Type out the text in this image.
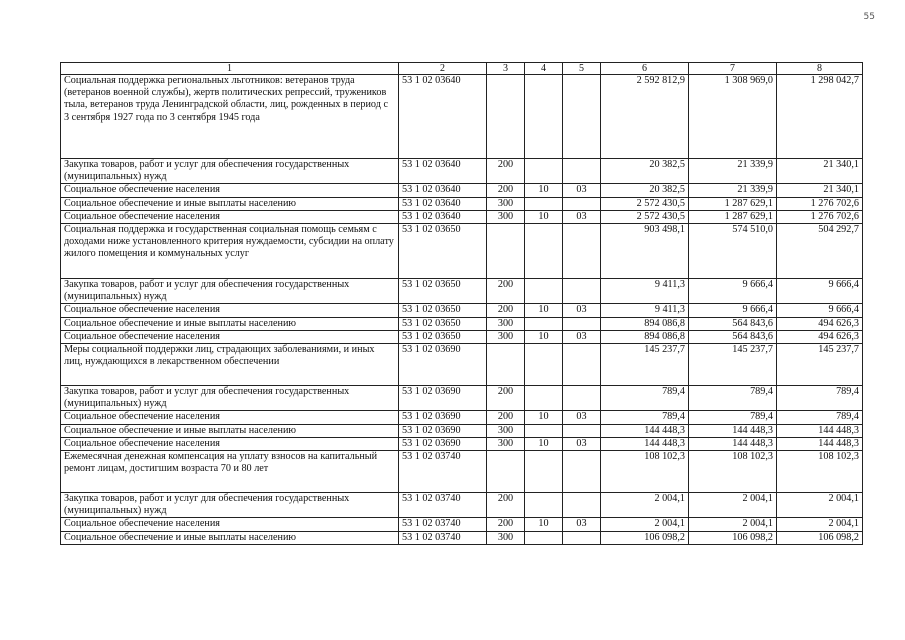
55
1	2	3	4	5	6	7	8
Социальная поддержка региональных льготников: ветеранов труда (ветеранов военной службы), жертв политических репрессий, тружеников тыла, ветеранов труда Ленинградской области, лиц, рожденных в период с 3 сентября 1927 года по 3 сентября 1945 года	53 1 02 03640				2 592 812,9	1 308 969,0	1 298 042,7
Закупка товаров, работ и услуг для обеспечения государственных (муниципальных) нужд	53 1 02 03640	200			20 382,5	21 339,9	21 340,1
Социальное обеспечение населения	53 1 02 03640	200	10	03	20 382,5	21 339,9	21 340,1
Социальное обеспечение и иные выплаты населению	53 1 02 03640	300			2 572 430,5	1 287 629,1	1 276 702,6
Социальное обеспечение населения	53 1 02 03640	300	10	03	2 572 430,5	1 287 629,1	1 276 702,6
Социальная поддержка и государственная социальная помощь семьям с доходами ниже установленного критерия нуждаемости, субсидии на оплату жилого помещения и коммунальных услуг	53 1 02 03650				903 498,1	574 510,0	504 292,7
Закупка товаров, работ и услуг для обеспечения государственных (муниципальных) нужд	53 1 02 03650	200			9 411,3	9 666,4	9 666,4
Социальное обеспечение населения	53 1 02 03650	200	10	03	9 411,3	9 666,4	9 666,4
Социальное обеспечение и иные выплаты населению	53 1 02 03650	300			894 086,8	564 843,6	494 626,3
Социальное обеспечение населения	53 1 02 03650	300	10	03	894 086,8	564 843,6	494 626,3
Меры социальной поддержки лиц, страдающих заболеваниями, и иных лиц, нуждающихся в лекарственном обеспечении	53 1 02 03690				145 237,7	145 237,7	145 237,7
Закупка товаров, работ и услуг для обеспечения государственных (муниципальных) нужд	53 1 02 03690	200			789,4	789,4	789,4
Социальное обеспечение населения	53 1 02 03690	200	10	03	789,4	789,4	789,4
Социальное обеспечение и иные выплаты населению	53 1 02 03690	300			144 448,3	144 448,3	144 448,3
Социальное обеспечение населения	53 1 02 03690	300	10	03	144 448,3	144 448,3	144 448,3
Ежемесячная денежная компенсация на уплату взносов на капитальный ремонт лицам, достигшим возраста 70 и 80 лет	53 1 02 03740				108 102,3	108 102,3	108 102,3
Закупка товаров, работ и услуг для обеспечения государственных (муниципальных) нужд	53 1 02 03740	200			2 004,1	2 004,1	2 004,1
Социальное обеспечение населения	53 1 02 03740	200	10	03	2 004,1	2 004,1	2 004,1
Социальное обеспечение и иные выплаты населению	53 1 02 03740	300			106 098,2	106 098,2	106 098,2
